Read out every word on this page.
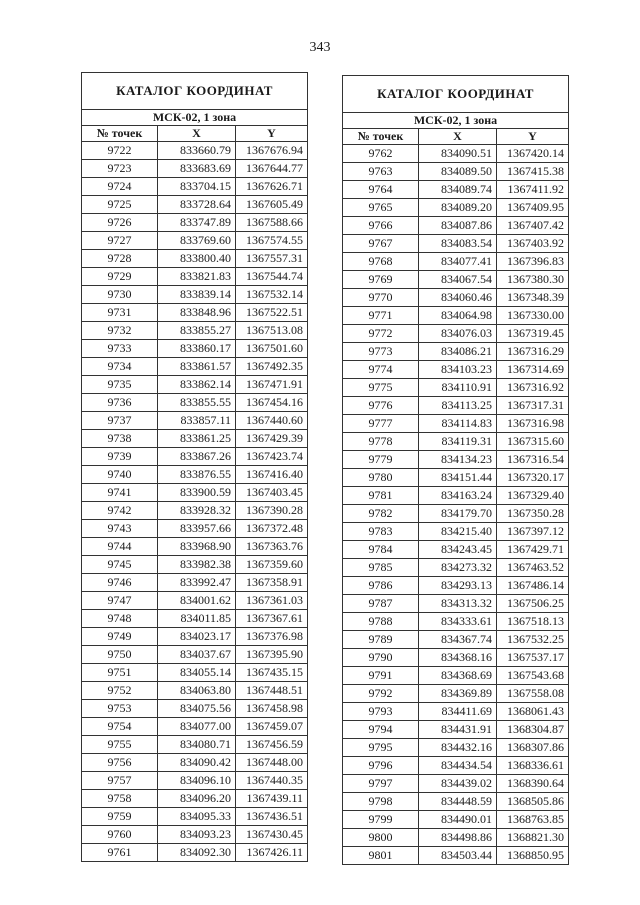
343
КАТАЛОГ КООРДИНАТ		
МСК-02, 1 зона		
№ точек	X	Y
9722	833660.79	1367676.94
9723	833683.69	1367644.77
9724	833704.15	1367626.71
9725	833728.64	1367605.49
9726	833747.89	1367588.66
9727	833769.60	1367574.55
9728	833800.40	1367557.31
9729	833821.83	1367544.74
9730	833839.14	1367532.14
9731	833848.96	1367522.51
9732	833855.27	1367513.08
9733	833860.17	1367501.60
9734	833861.57	1367492.35
9735	833862.14	1367471.91
9736	833855.55	1367454.16
9737	833857.11	1367440.60
9738	833861.25	1367429.39
9739	833867.26	1367423.74
9740	833876.55	1367416.40
9741	833900.59	1367403.45
9742	833928.32	1367390.28
9743	833957.66	1367372.48
9744	833968.90	1367363.76
9745	833982.38	1367359.60
9746	833992.47	1367358.91
9747	834001.62	1367361.03
9748	834011.85	1367367.61
9749	834023.17	1367376.98
9750	834037.67	1367395.90
9751	834055.14	1367435.15
9752	834063.80	1367448.51
9753	834075.56	1367458.98
9754	834077.00	1367459.07
9755	834080.71	1367456.59
9756	834090.42	1367448.00
9757	834096.10	1367440.35
9758	834096.20	1367439.11
9759	834095.33	1367436.51
9760	834093.23	1367430.45
9761	834092.30	1367426.11
КАТАЛОГ КООРДИНАТ		
МСК-02, 1 зона		
№ точек	X	Y
9762	834090.51	1367420.14
9763	834089.50	1367415.38
9764	834089.74	1367411.92
9765	834089.20	1367409.95
9766	834087.86	1367407.42
9767	834083.54	1367403.92
9768	834077.41	1367396.83
9769	834067.54	1367380.30
9770	834060.46	1367348.39
9771	834064.98	1367330.00
9772	834076.03	1367319.45
9773	834086.21	1367316.29
9774	834103.23	1367314.69
9775	834110.91	1367316.92
9776	834113.25	1367317.31
9777	834114.83	1367316.98
9778	834119.31	1367315.60
9779	834134.23	1367316.54
9780	834151.44	1367320.17
9781	834163.24	1367329.40
9782	834179.70	1367350.28
9783	834215.40	1367397.12
9784	834243.45	1367429.71
9785	834273.32	1367463.52
9786	834293.13	1367486.14
9787	834313.32	1367506.25
9788	834333.61	1367518.13
9789	834367.74	1367532.25
9790	834368.16	1367537.17
9791	834368.69	1367543.68
9792	834369.89	1367558.08
9793	834411.69	1368061.43
9794	834431.91	1368304.87
9795	834432.16	1368307.86
9796	834434.54	1368336.61
9797	834439.02	1368390.64
9798	834448.59	1368505.86
9799	834490.01	1368763.85
9800	834498.86	1368821.30
9801	834503.44	1368850.95
